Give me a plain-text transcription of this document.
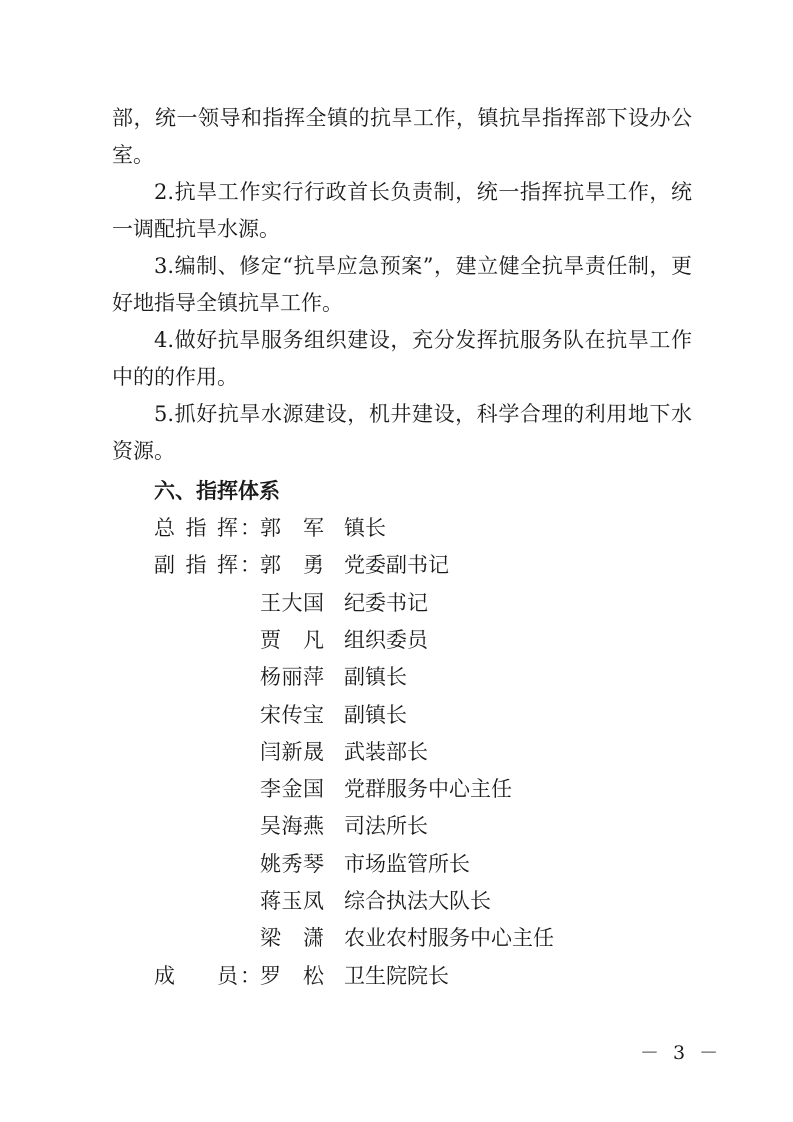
部，统一领导和指挥全镇的抗旱工作，镇抗旱指挥部下设办公室。

2.抗旱工作实行行政首长负责制，统一指挥抗旱工作，统一调配抗旱水源。

3.编制、修定“抗旱应急预案”，建立健全抗旱责任制，更好地指导全镇抗旱工作。

4.做好抗旱服务组织建设，充分发挥抗服务队在抗旱工作中的的作用。

5.抓好抗旱水源建设，机井建设，科学合理的利用地下水资源。

六、指挥体系

总指挥 ： 郭军 镇长
副指挥 ： 郭勇 党委副书记
王大国 纪委书记
贾凡 组织委员
杨丽萍 副镇长
宋传宝 副镇长
闫新晟 武装部长
李金国 党群服务中心主任
吴海燕 司法所长
姚秀琴 市场监管所长
蒋玉凤 综合执法大队长
梁潇 农业农村服务中心主任
成员 ： 罗松 卫生院院长
－ 3 －
